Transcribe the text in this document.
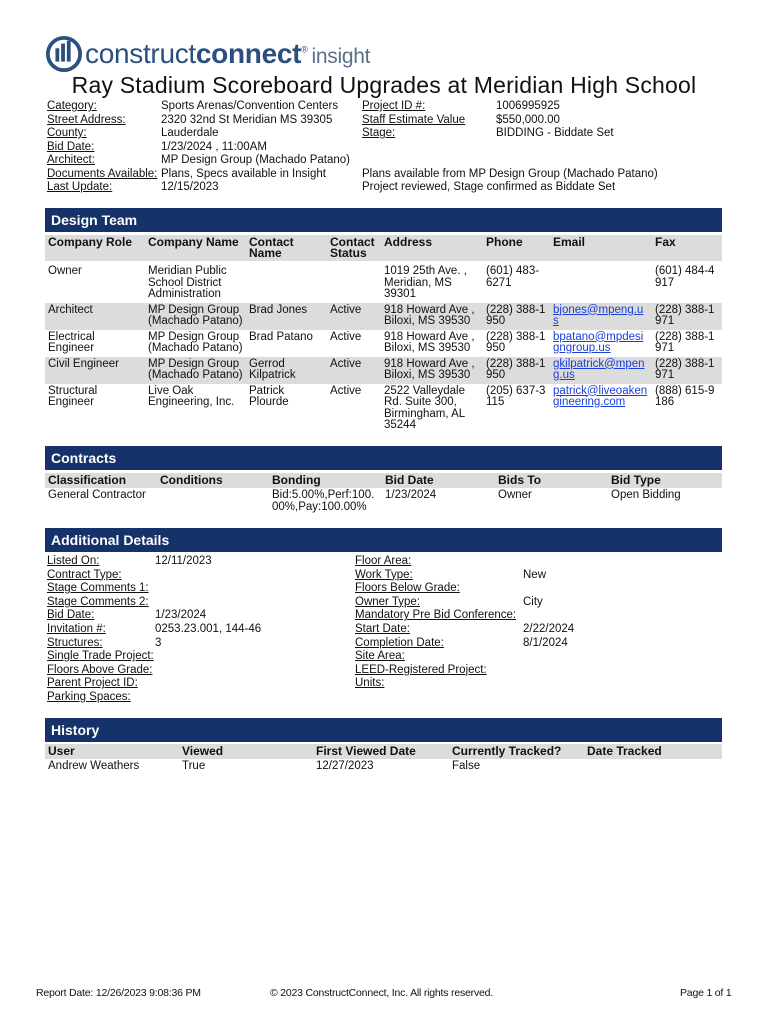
constructconnect® insight
Ray Stadium Scoreboard Upgrades at Meridian High School
Category:	Sports Arenas/Convention Centers
Street Address:	2320 32nd St Meridian MS 39305
County:	Lauderdale
Bid Date:	1/23/2024 , 11:00AM
Architect:	MP Design Group (Machado Patano)
Documents Available: Plans, Specs available in Insight
Last Update:	12/15/2023
Project ID #:	1006995925
Staff Estimate Value	$550,000.00
Stage:	BIDDING - Biddate Set
Plans available from MP Design Group (Machado Patano)
Project reviewed, Stage confirmed as Biddate Set
Design Team
Company Role	Company Name	Contact Name	Contact Status	Address	Phone	Email	Fax
Owner	Meridian Public School District Administration			1019 25th Ave. , Meridian, MS 39301	(601) 483-6271		(601) 484-4917
Architect	MP Design Group (Machado Patano)	Brad Jones	Active	918 Howard Ave , Biloxi, MS 39530	(228) 388-1950	bjones@mpeng.us	(228) 388-1971
Electrical Engineer	MP Design Group (Machado Patano)	Brad Patano	Active	918 Howard Ave , Biloxi, MS 39530	(228) 388-1950	bpatano@mpdesigngroup.us	(228) 388-1971
Civil Engineer	MP Design Group (Machado Patano)	Gerrod Kilpatrick	Active	918 Howard Ave , Biloxi, MS 39530	(228) 388-1950	gkilpatrick@mpeng.us	(228) 388-1971
Structural Engineer	Live Oak Engineering, Inc.	Patrick Plourde	Active	2522 Valleydale Rd. Suite 300, Birmingham, AL 35244	(205) 637-3115	patrick@liveoakengineering.com	(888) 615-9186
Contracts
Classification	Conditions	Bonding	Bid Date	Bids To	Bid Type
General Contractor		Bid:5.00%,Perf:100.00%,Pay:100.00%	1/23/2024	Owner	Open Bidding
Additional Details
Listed On:	12/11/2023
Contract Type:
Stage Comments 1:
Stage Comments 2:
Bid Date:	1/23/2024
Invitation #:	0253.23.001, 144-46
Structures:	3
Single Trade Project:
Floors Above Grade:
Parent Project ID:
Parking Spaces:
Floor Area:
Work Type:	New
Floors Below Grade:
Owner Type:	City
Mandatory Pre Bid Conference:
Start Date:	2/22/2024
Completion Date:	8/1/2024
Site Area:
LEED-Registered Project:
Units:
History
User	Viewed	First Viewed Date	Currently Tracked?	Date Tracked
Andrew Weathers	True	12/27/2023	False	
Report Date: 12/26/2023 9:08:36 PM	© 2023 ConstructConnect, Inc. All rights reserved.	Page 1 of 1
